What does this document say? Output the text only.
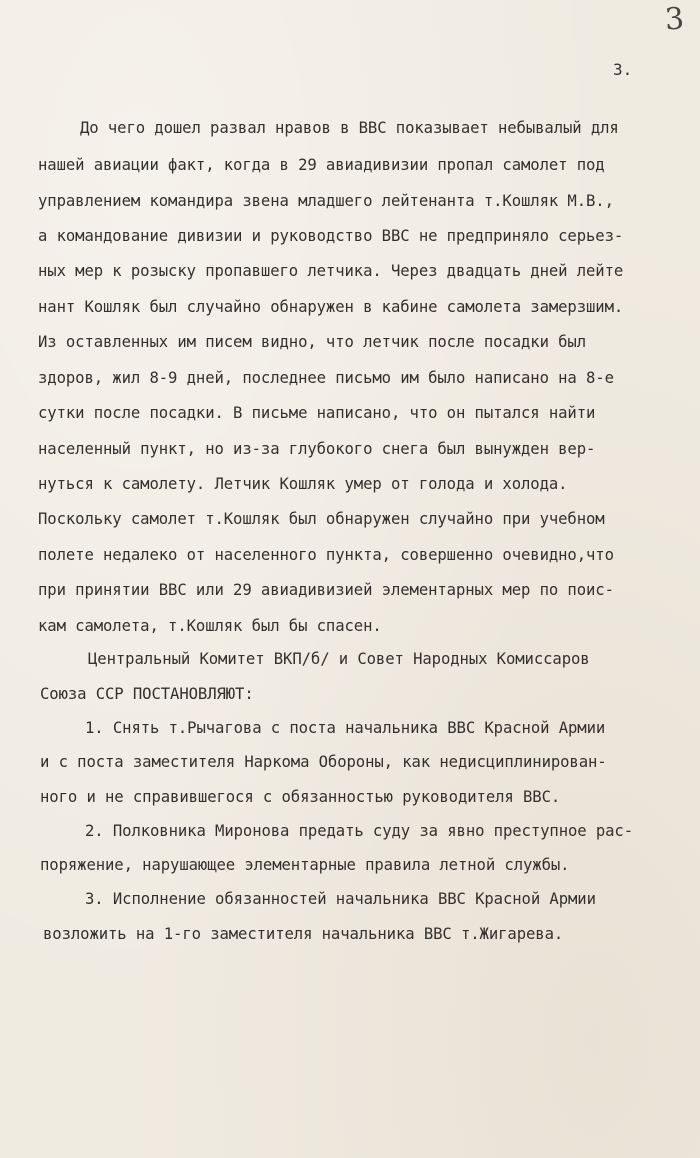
3
3.
До чего дошел развал нравов в ВВС показывает небывалый для
нашей авиации факт, когда в 29 авиадивизии пропал самолет под
управлением командира звена младшего лейтенанта т.Кошляк М.В.,
а командование дивизии и руководство ВВС не предприняло серьез-
ных мер к розыску пропавшего летчика. Через двадцать дней лейте
нант Кошляк был случайно обнаружен в кабине самолета замерзшим.
Из оставленных им писем видно, что летчик после посадки был
здоров, жил 8-9 дней, последнее письмо им было написано на 8-е
сутки после посадки. В письме написано, что он пытался найти
населенный пункт, но из-за глубокого снега был вынужден вер-
нуться к самолету. Летчик Кошляк умер от голода и холода.
Поскольку самолет т.Кошляк был обнаружен случайно при учебном
полете недалеко от населенного пункта, совершенно очевидно,что
при принятии ВВС или 29 авиадивизией элементарных мер по поис-
кам самолета, т.Кошляк был бы спасен.
Центральный Комитет ВКП/б/ и Совет Народных Комиссаров
Союза ССР ПОСТАНОВЛЯЮТ:
1. Снять т.Рычагова с поста начальника ВВС Красной Армии
и с поста заместителя Наркома Обороны, как недисциплинирован-
ного и не справившегося с обязанностью руководителя ВВС.
2. Полковника Миронова предать суду за явно преступное рас-
поряжение, нарушающее элементарные правила летной службы.
3. Исполнение обязанностей начальника ВВС Красной Армии
возложить на 1-го заместителя начальника ВВС т.Жигарева.
